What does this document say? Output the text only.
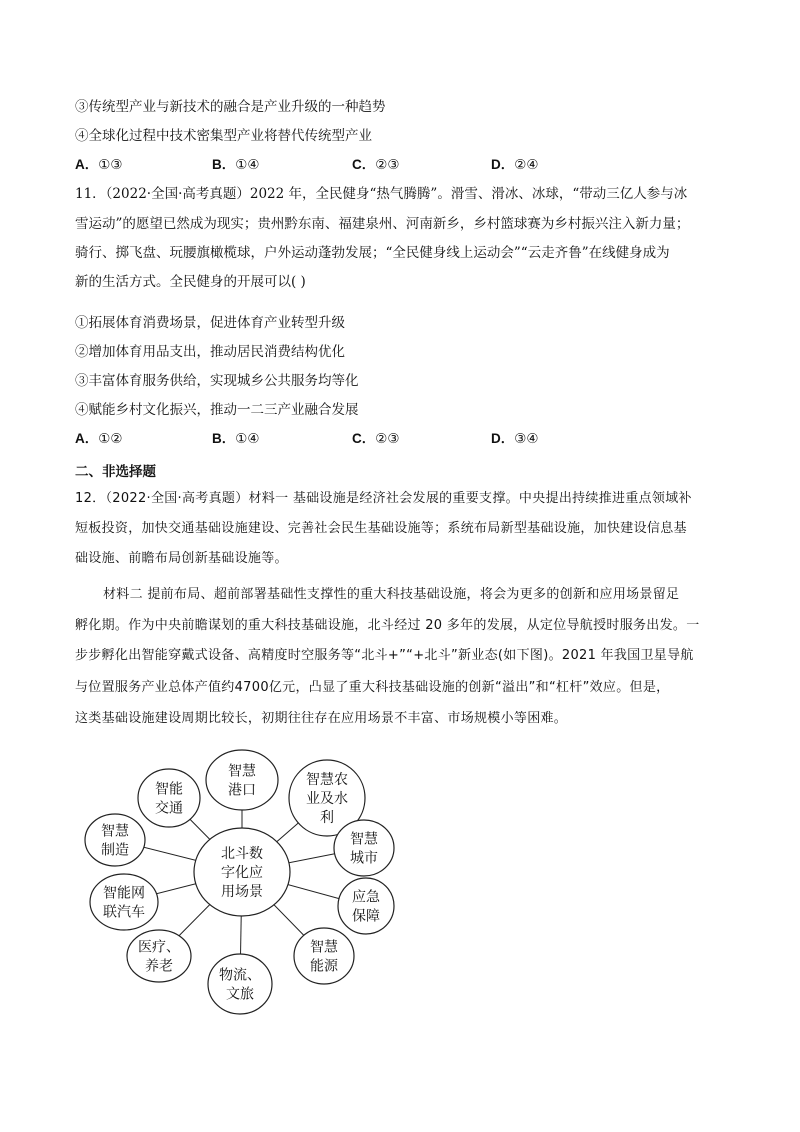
③传统型产业与新技术的融合是产业升级的一种趋势
④全球化过程中技术密集型产业将替代传统型产业
A．①③	B．①④	C．②③	D．②④
11．（2022·全国·高考真题）2022 年，全民健身“热气腾腾”。滑雪、滑冰、冰球，“带动三亿人参与冰
雪运动”的愿望已然成为现实；贵州黔东南、福建泉州、河南新乡，乡村篮球赛为乡村振兴注入新力量；
骑行、掷飞盘、玩腰旗橄榄球，户外运动蓬勃发展；“全民健身线上运动会”“云走齐鲁”在线健身成为
新的生活方式。全民健身的开展可以( )
①拓展体育消费场景，促进体育产业转型升级
②增加体育用品支出，推动居民消费结构优化
③丰富体育服务供给，实现城乡公共服务均等化
④赋能乡村文化振兴，推动一二三产业融合发展
A．①②	B．①④	C．②③	D．③④
二、非选择题
12．（2022·全国·高考真题）材料一 基础设施是经济社会发展的重要支撑。中央提出持续推进重点领域补
短板投资，加快交通基础设施建设、完善社会民生基础设施等；系统布局新型基础设施，加快建设信息基
础设施、前瞻布局创新基础设施等。
材料二 提前布局、超前部署基础性支撑性的重大科技基础设施，将会为更多的创新和应用场景留足
孵化期。作为中央前瞻谋划的重大科技基础设施，北斗经过 20 多年的发展，从定位导航授时服务出发。一
步步孵化出智能穿戴式设备、高精度时空服务等“北斗+”“+北斗”新业态(如下图)。2021 年我国卫星导航
与位置服务产业总体产值约4700亿元，凸显了重大科技基础设施的创新“溢出”和“杠杆”效应。但是，
这类基础设施建设周期比较长，初期往往存在应用场景不丰富、市场规模小等困难。
智慧
港口
智慧农
业及水
利
智慧
城市
应急
保障
智慧
能源
物流、
文旅
医疗、
养老
智能网
联汽车
智慧
制造
智能
交通
北斗数
字化应
用场景
